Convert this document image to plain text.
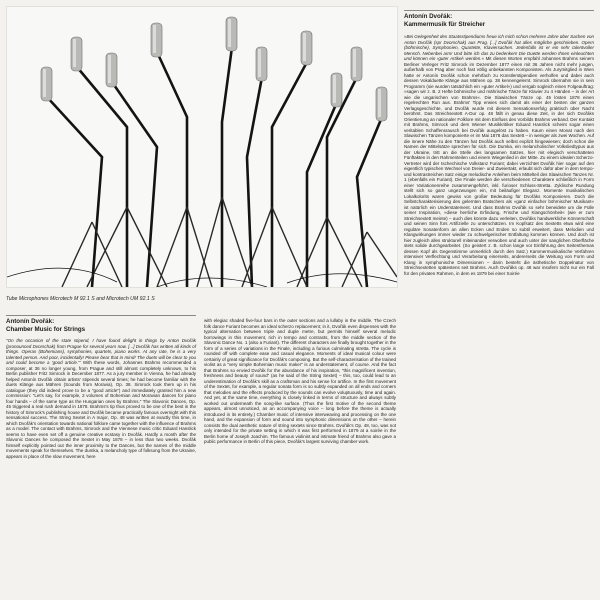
Tube Microphones Microtech M 92.1 S and Microtech UM 92.1 S
Antonín Dvořák:
Chamber Music for Strings

"On the occasion of the state stipend, I have found delight in things by Anton Dvořák (pronounced Dvorschak) from Prague for several years now. [...] Dvořák has written all kinds of things. Operas (Bohemians), symphonies, quartets, piano works. At any rate, he is a very talented person. And poor, incidentally! Please bear that in mind! The duets will be clear to you and could become a 'good article.'" With these words, Johannes Brahms recommended a composer, at 36 no longer young, from Prague and still almost completely unknown, to his Berlin publisher Fritz Simrock in December 1877. As a jury member in Vienna, he had already helped Antonín Dvořák obtain artists' stipends several times; he had become familiar with the duets Klänge aus Mähren (Sounds from Moravia), Op. 38. Simrock took them up in his catalogue (they did indeed prove to be a "good article") and immediately granted him a new commission: "Let's say, for example, 2 volumes of Bohemian and Moravian dances for piano four hands – of the same type as the Hungarian ones by Brahms." The Slavonic Dances, Op. 45 triggered a real rush demand in 1878. Brahms's tip thus proved to be one of the best in the history of Simrock's publishing house and Dvořák became practically famous overnight with this sensational success. The String Sextet in A major, Op. 48 was written at exactly this time, in which Dvořák's orientation towards national folklore came together with the influence of Brahms as a model. The contact with Brahms, Simrock and the Viennese music critic Eduard Hanslick seems to have even set off a genuine creative ecstasy in Dvořák. Hardly a month after the Slavonic Dances he composed the Sextet in May 1878 – in less than two weeks. Dvořák himself explicitly pointed out the inner proximity to the Dances, but the names of the middle movements speak for themselves. The dumka, a melancholy type of folksong from the Ukraine, appears in place of the slow movement, here

with elegiac shaded five-four bars in the outer sections and a lullaby in the middle. The Czech folk dance Furiant becomes an ideal scherzo replacement; in it, Dvořák even dispenses with the typical alternation between triple and duple metre, but permits himself several melodic borrowings in this movement, rich in tempo and contrasts, from the middle section of the Slavonic Dance No. 1 (also a Furiant). The different characters are finally brought together in the form of a series of variations in the Finale, including a furious culminating stretta. The cycle is rounded off with complete ease and casual elegance. Moments of ideal musical colour were certainly of great significance for Dvořák's composing. But the self-characterisation of the trained violist as a "very simple Bohemian music maker" is an understatement, of course. And the fact that Brahms so envied Dvořák for the abundance of his inspiration, "this magnificent invention, freshness and beauty of sound" (as he said of the String Sextet) – this, too, could lead to an underestimation of Dvořák's skill as a craftsman and his sense for artifice. In the first movement of the Sextet, for example, a regular sonata form is so subtly expanded on all ends and corners that melodies and the effects produced by the sounds can evolve voluptuously, time and again. And yet, at the same time, everything is closely linked in terms of structure and always subtly worked out underneath the song-like surface. (Thus the first motive of the second theme appears, almost unnoticed, as an accompanying voice – long before the theme is actually introduced in its entirety.) Chamber music of intensive interweaving and processing on the one hand, and the expansion of form and sound into symphonic dimensions on the other – herein consists the dual aesthetic nature of string sextets since Brahms. Dvořák's Op. 48, too, was not only intended for the private setting in which it was first performed in 1879 at a soirée in the Berlin home of Joseph Joachim. The famous violinist and intimate friend of Brahms also gave a public performance in Berlin of this piece, Dvořák's largest surviving chamber work.

Antonín Dvořák:
Kammermusik für Streicher

»Bei Gelegenheit des Staatsstipendiums freue ich mich schon mehrere Jahre über Sachen von Anton Dvořák (spr Dvorschak) aus Prag. [...] Dvořák hat alles mögliche geschrieben. Opern (böhmische), Symphonien, Quartette, Klaviersachen. Jedenfalls ist er ein sehr talentvoller Mensch. Nebenbei arm! Und bitte ich das zu bedenken! Die Duette werden Ihnen einleuchten und können ein ›guter Artikel‹ werden.« Mit diesen Worten empfahl Johannes Brahms seinem Berliner Verleger Fritz Simrock im Dezember 1877 einen mit 36 Jahren nicht mehr jungen, außerhalb von Prag aber noch fast völlig unbekannten Komponisten. Als Jurymitglied in Wien hatte er Antonín Dvořák schon mehrfach zu Künstlerstipendien verholfen und dabei auch dessen Vokalduette Klänge aus Mähren op. 38 kennengelernt. Simrock übernahm sie in sein Programm (sie wurden tatsächlich ein »guter Artikel«) und vergab sogleich einen Folgeauftrag: »sagen wir z. B. 2 Hefte böhmische und mährische Tänze für Klavier zu 4 Händen – in der Art wie die ungarischen von Brahms«. Die Slawischen Tänze op. 45 lösten 1878 einen regelrechten Run aus. Brahms' Tipp erwies sich damit als einer der besten der ganzen Verlagsgeschichte, und Dvořák wurde mit diesem Sensationserfolg praktisch über Nacht berühmt. Das Streichsextett A-Dur op. 48 fällt in genau diese Zeit, in der sich Dvořáks Orientierung an nationaler Folklore mit dem Einfluss des Vorbilds Brahms verband. Der Kontakt mit Brahms, Simrock und dem Wiener Musikkritiker Eduard Hanslick scheint sogar einen veritablen Schaffensrausch bei Dvořák ausgelöst zu haben. Kaum einen Monat nach den Slawischen Tänzen komponierte er im Mai 1878 das Sextett – in weniger als zwei Wochen. Auf die innere Nähe zu den Tänzen hat Dvořák auch selbst explizit hingewiesen; doch schon die Namen der Mittelsätze sprechen für sich. Die Dumka, ein melancholischer Volksliedtypus aus der Ukraine, tritt an die Stelle des langsamen Satzes, hier mit elegisch verschatteten Fünftakten in den Rahmenteilen und einem Wiegenlied in der Mitte. Zu einem idealen Scherzo-Vertreter wird der tschechische Volkstanz Furiant; dabei verzichtet Dvořák hier sogar auf den eigentlich typischen Wechsel von Dreier- und Zweiertakt, erlaubt sich dafür aber in dem tempo- und kontrastreichen Satz einige melodische Anleihen beim Mittelteil des Slawischen Tanzes Nr. 1 (ebenfalls ein Furiant). Die Finale werden die verschiedenen Charaktere schließlich in Form einer Variationenreihe zusammengeführt, inkl. furioser Schluss-Stretta. Zyklische Rundung stellt sich so ganz ungezwungen ein, mit beiläufiger Eleganz. Momente musikalischen Lokalkolorits waren gewiss von großer Bedeutung für Dvořáks Komponieren. Doch die Selbstcharakterisierung des gelernten Bratschers als »ganz einfacher böhmischer Musikant« ist natürlich ein Understatement. Und dass Brahms Dvořák so sehr beneidete um die Fülle seiner Inspiration, »diese herrliche Erfindung, Frische und Klangschönheit« (wie er zum Streichsextett meinte) – auch dies könnte dazu verleiten, Dvořáks handwerkliche Könnerschaft und seinen Sinn fürs Artifizielle zu unterschätzen. Im Kopfsatz des Sextetts etwa wird eine reguläre Sonatenform an allen Ecken und Enden so subtil erweitert, dass Melodien und Klangwirkungen immer wieder zu schwelgerischer Entfaltung kommen können. Und doch ist hier zugleich alles strukturell miteinander verwoben und auch unter der sanglichen Oberfläche stets solide durchgearbeitet. (So geistert z. B. schon lange vor Einführung des Seitenthemas dessen Kopf als Gegenstimme unmerklich durch den Satz.) Kammermusikalische Verfahren intensiver Verflechtung und Verarbeitung einerseits, andererseits die Weitung von Form und Klang in symphonische Dimensionen – darin besteht die ästhetische Doppelnatur von Streichsextetten spätestens seit Brahms. Auch Dvořáks op. 48 war insofern nicht nur ein Fall für den privaten Rahmen, in dem es 1879 bei einer Soirée
